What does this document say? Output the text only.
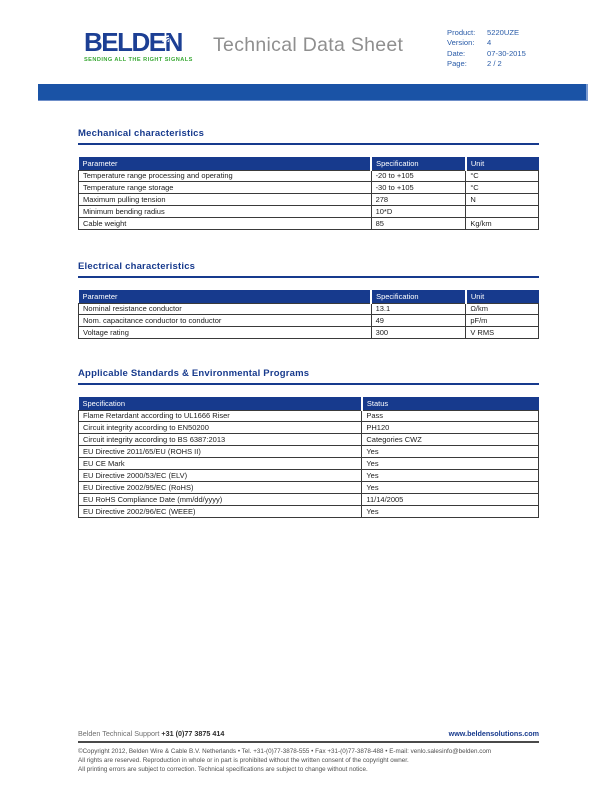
BELDEN
SENDING ALL THE RIGHT SIGNALS
Technical Data Sheet
Product:	5220UZE
Version:	4
Date:	07-30-2015
Page:	2 / 2
Mechanical characteristics
Parameter	Specification	Unit
Temperature range processing and operating	-20 to +105	°C
Temperature range storage	-30 to +105	°C
Maximum pulling tension	278	N
Minimum bending radius	10*D	
Cable weight	85	Kg/km
Electrical characteristics
Parameter	Specification	Unit
Nominal resistance conductor	13.1	Ω/km
Nom. capacitance conductor to conductor	49	pF/m
Voltage rating	300	V RMS
Applicable Standards & Environmental Programs
Specification	Status
Flame Retardant according to UL1666 Riser	Pass
Circuit integrity according to EN50200	PH120
Circuit integrity according to BS 6387:2013	Categories CWZ
EU Directive 2011/65/EU (ROHS II)	Yes
EU CE Mark	Yes
EU Directive 2000/53/EC (ELV)	Yes
EU Directive 2002/95/EC (RoHS)	Yes
EU RoHS Compliance Date (mm/dd/yyyy)	11/14/2005
EU Directive 2002/96/EC (WEEE)	Yes
Belden Technical Support +31 (0)77 3875 414	www.beldensolutions.com
©Copyright 2012, Belden Wire & Cable B.V. Netherlands • Tel. +31-(0)77-3878-555 • Fax +31-(0)77-3878-488 • E-mail: venlo.salesinfo@belden.com
All rights are reserved. Reproduction in whole or in part is prohibited without the written consent of the copyright owner.
All printing errors are subject to correction. Technical specifications are subject to change without notice.
